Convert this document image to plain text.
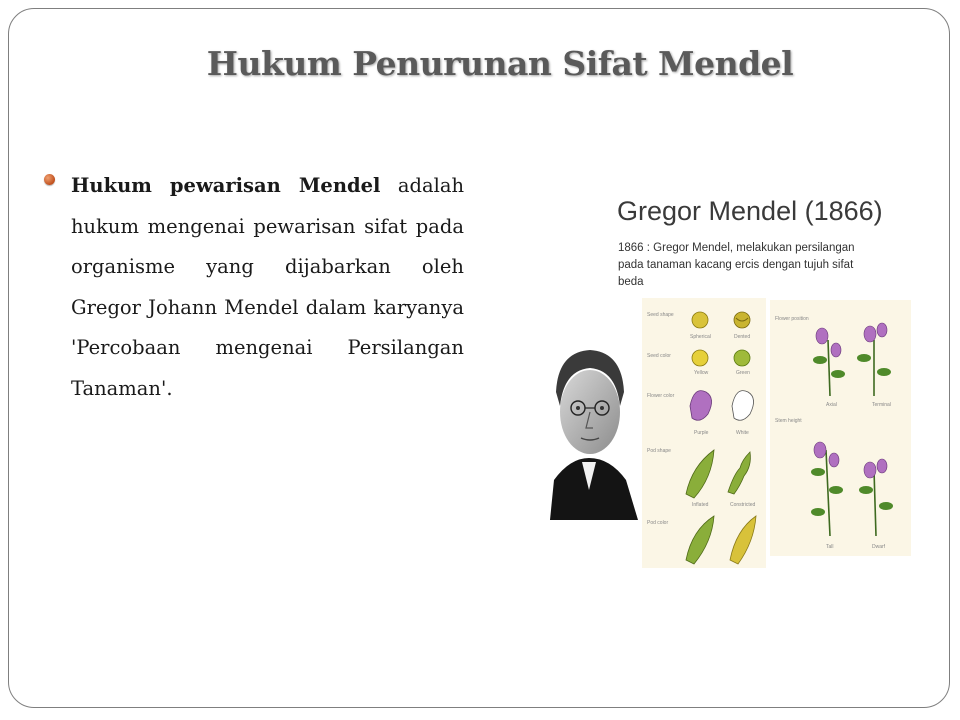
Hukum Penurunan Sifat Mendel
Hukum pewarisan Mendel adalah hukum mengenai pewarisan sifat pada organisme yang dijabarkan oleh Gregor Johann Mendel dalam karyanya 'Percobaan mengenai Persilangan Tanaman'.
Gregor Mendel (1866)
1866 : Gregor Mendel, melakukan persilangan pada tanaman kacang ercis dengan tujuh sifat beda
Seed shape
Seed color
Flower color
Pod shape
Pod color
Spherical	Dented
Yellow	Green
Purple	White
Inflated	Constricted
Flower position
Stem height
Axial	Terminal
Tall	Dwarf
